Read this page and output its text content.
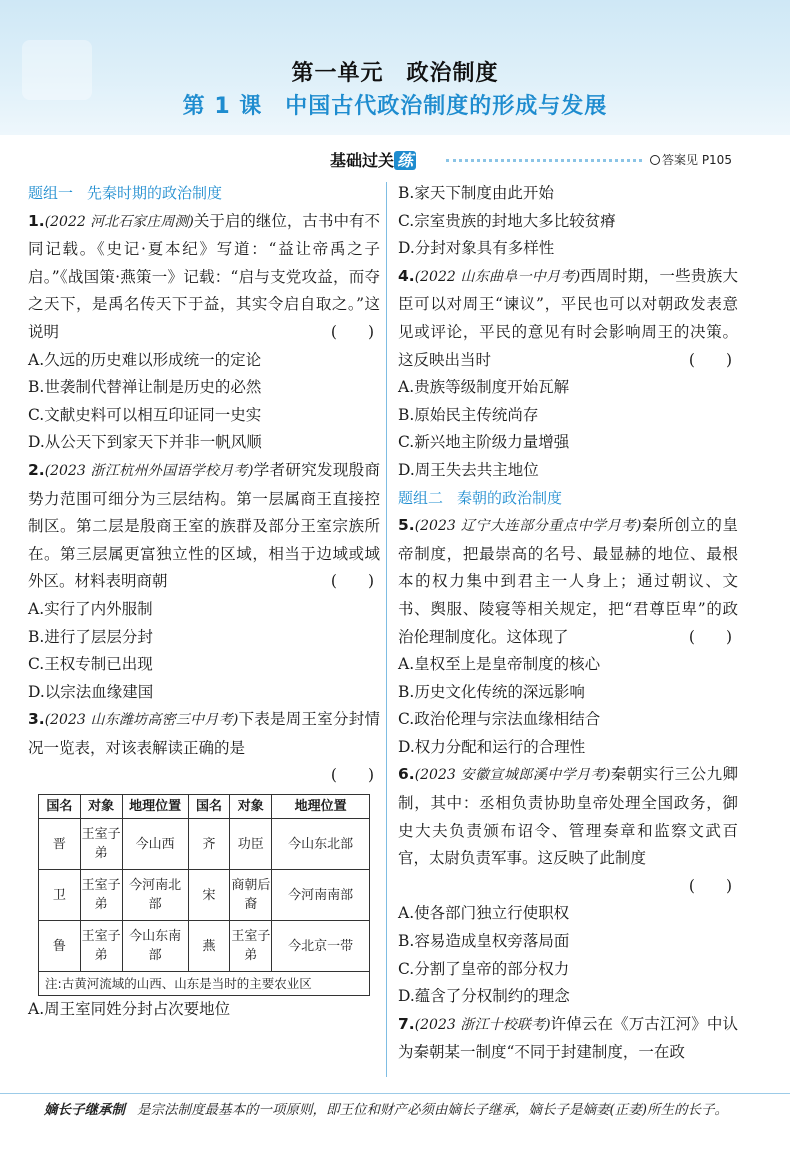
第一单元　政治制度
第 1 课　中国古代政治制度的形成与发展
基础过关 练	答案见 P105
题组一 先秦时期的政治制度

1.(2022 河北石家庄周测)关于启的继位，古书中有不同记载。《史记·夏本纪》写道：“益让帝禹之子启。”《战国策·燕策一》记载：“启与支党攻益，而夺之天下，是禹名传天下于益，其实令启自取之。”这说明	(　　)

A.久远的历史难以形成统一的定论
B.世袭制代替禅让制是历史的必然
C.文献史料可以相互印证同一史实
D.从公天下到家天下并非一帆风顺

2.(2023 浙江杭州外国语学校月考)学者研究发现殷商势力范围可细分为三层结构。第一层属商王直接控制区。第二层是殷商王室的族群及部分王室宗族所在。第三层属更富独立性的区域，相当于边域或域外区。材料表明商朝	(　　)

A.实行了内外服制
B.进行了层层分封
C.王权专制已出现
D.以宗法血缘建国

3.(2023 山东潍坊高密三中月考)下表是周王室分封情况一览表，对该表解读正确的是

(　　)

国名	对象	地理位置	国名	对象	地理位置
晋	王室子弟	今山西	齐	功臣	今山东北部
卫	王室子弟	今河南北部	宋	商朝后裔	今河南南部
鲁	王室子弟	今山东南部	燕	王室子弟	今北京一带
注:古黄河流域的山西、山东是当时的主要农业区					
A.周王室同姓分封占次要地位
B.家天下制度由此开始
C.宗室贵族的封地大多比较贫瘠
D.分封对象具有多样性

4.(2022 山东曲阜一中月考)西周时期，一些贵族大臣可以对周王“谏议”，平民也可以对朝政发表意见或评论，平民的意见有时会影响周王的决策。这反映出当时	(　　)

A.贵族等级制度开始瓦解
B.原始民主传统尚存
C.新兴地主阶级力量增强
D.周王失去共主地位
题组二 秦朝的政治制度

5.(2023 辽宁大连部分重点中学月考)秦所创立的皇帝制度，把最崇高的名号、最显赫的地位、最根本的权力集中到君主一人身上；通过朝议、文书、舆服、陵寝等相关规定，把“君尊臣卑”的政治伦理制度化。这体现了	(　　)

A.皇权至上是皇帝制度的核心
B.历史文化传统的深远影响
C.政治伦理与宗法血缘相结合
D.权力分配和运行的合理性

6.(2023 安徽宣城郎溪中学月考)秦朝实行三公九卿制，其中：丞相负责协助皇帝处理全国政务，御史大夫负责颁布诏令、管理奏章和监察文武百官，太尉负责军事。这反映了此制度

(　　)

A.使各部门独立行使职权
B.容易造成皇权旁落局面
C.分割了皇帝的部分权力
D.蕴含了分权制约的理念

7.(2023 浙江十校联考)许倬云在《万古江河》中认为秦朝某一制度“不同于封建制度，一在政

嫡长子继承制 是宗法制度最基本的一项原则，即王位和财产必须由嫡长子继承，嫡长子是嫡妻(正妻)所生的长子。
